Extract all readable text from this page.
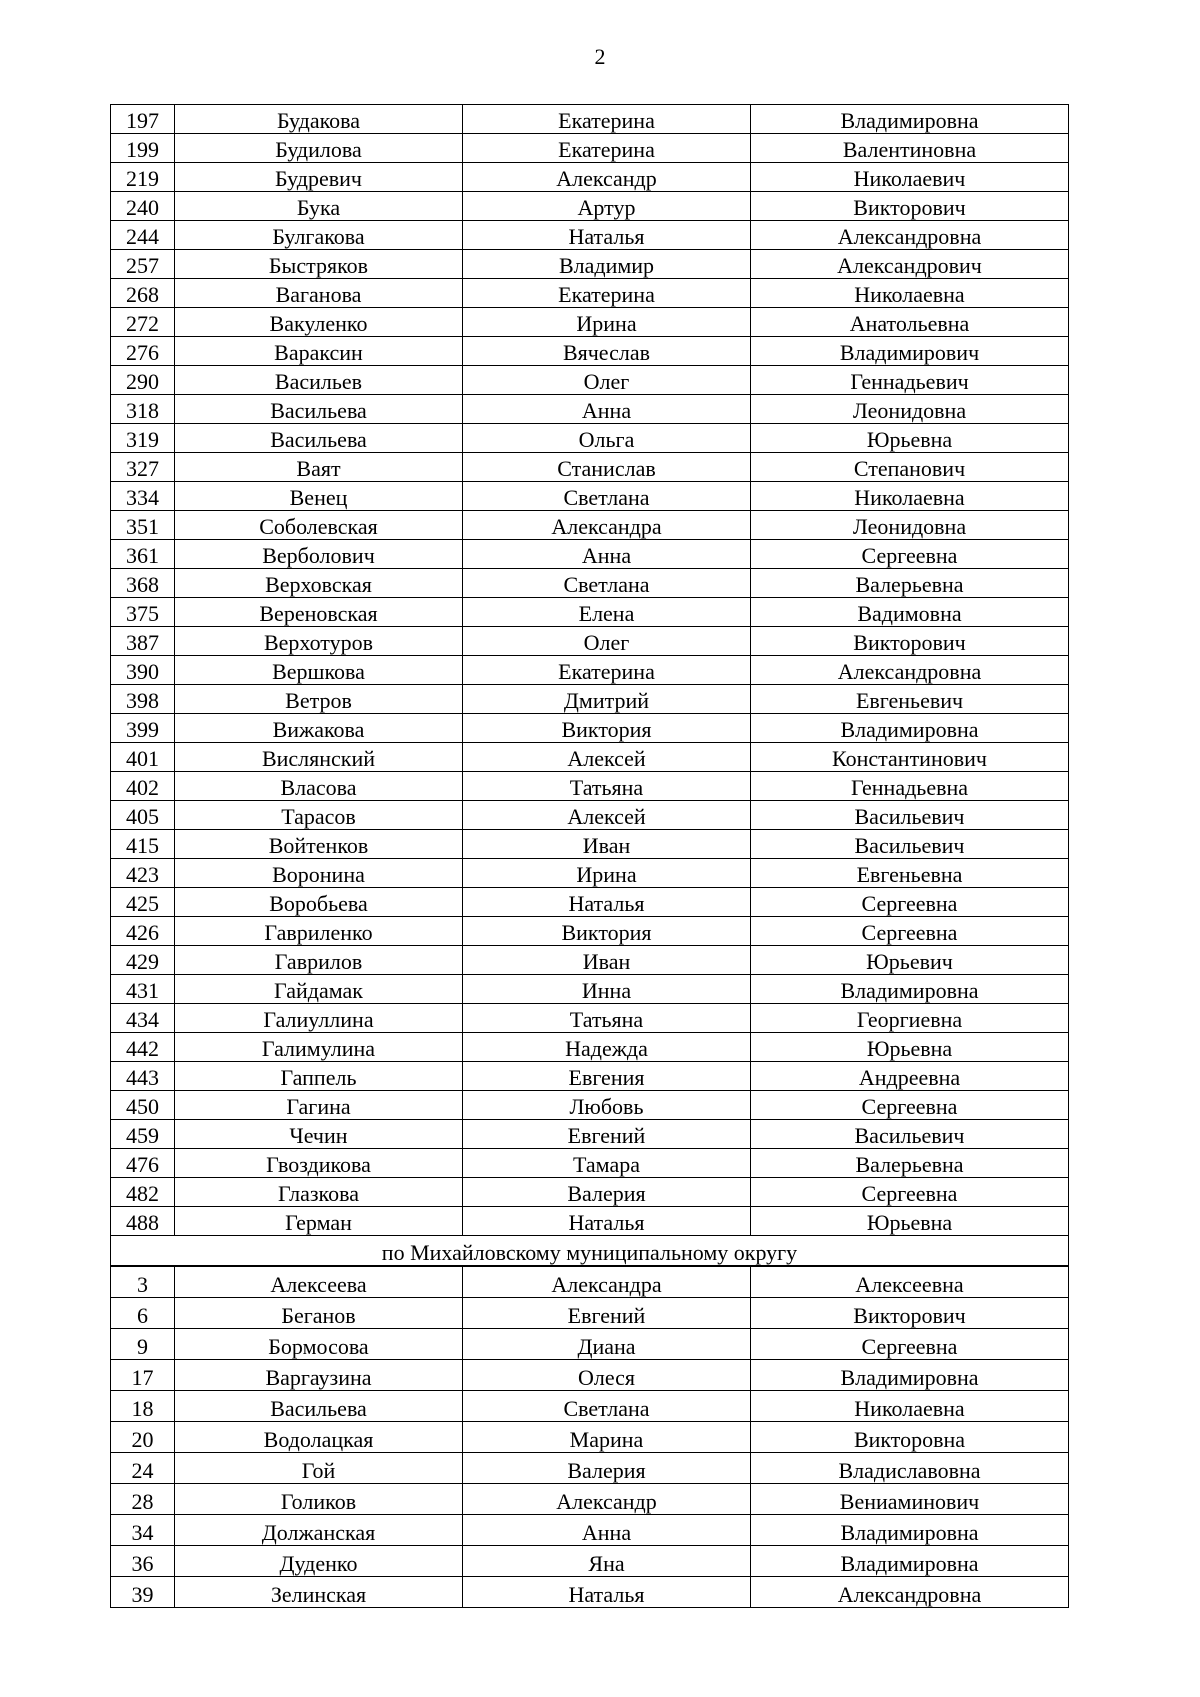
2
197	Будакова	Екатерина	Владимировна
199	Будилова	Екатерина	Валентиновна
219	Будревич	Александр	Николаевич
240	Бука	Артур	Викторович
244	Булгакова	Наталья	Александровна
257	Быстряков	Владимир	Александрович
268	Ваганова	Екатерина	Николаевна
272	Вакуленко	Ирина	Анатольевна
276	Вараксин	Вячеслав	Владимирович
290	Васильев	Олег	Геннадьевич
318	Васильева	Анна	Леонидовна
319	Васильева	Ольга	Юрьевна
327	Ваят	Станислав	Степанович
334	Венец	Светлана	Николаевна
351	Соболевская	Александра	Леонидовна
361	Верболович	Анна	Сергеевна
368	Верховская	Светлана	Валерьевна
375	Вереновская	Елена	Вадимовна
387	Верхотуров	Олег	Викторович
390	Вершкова	Екатерина	Александровна
398	Ветров	Дмитрий	Евгеньевич
399	Вижакова	Виктория	Владимировна
401	Вислянский	Алексей	Константинович
402	Власова	Татьяна	Геннадьевна
405	Тарасов	Алексей	Васильевич
415	Войтенков	Иван	Васильевич
423	Воронина	Ирина	Евгеньевна
425	Воробьева	Наталья	Сергеевна
426	Гавриленко	Виктория	Сергеевна
429	Гаврилов	Иван	Юрьевич
431	Гайдамак	Инна	Владимировна
434	Галиуллина	Татьяна	Георгиевна
442	Галимулина	Надежда	Юрьевна
443	Гаппель	Евгения	Андреевна
450	Гагина	Любовь	Сергеевна
459	Чечин	Евгений	Васильевич
476	Гвоздикова	Тамара	Валерьевна
482	Глазкова	Валерия	Сергеевна
488	Герман	Наталья	Юрьевна
по Михайловскому муниципальному округу			
3	Алексеева	Александра	Алексеевна
6	Беганов	Евгений	Викторович
9	Бормосова	Диана	Сергеевна
17	Варгаузина	Олеся	Владимировна
18	Васильева	Светлана	Николаевна
20	Водолацкая	Марина	Викторовна
24	Гой	Валерия	Владиславовна
28	Голиков	Александр	Вениаминович
34	Должанская	Анна	Владимировна
36	Дуденко	Яна	Владимировна
39	Зелинская	Наталья	Александровна
